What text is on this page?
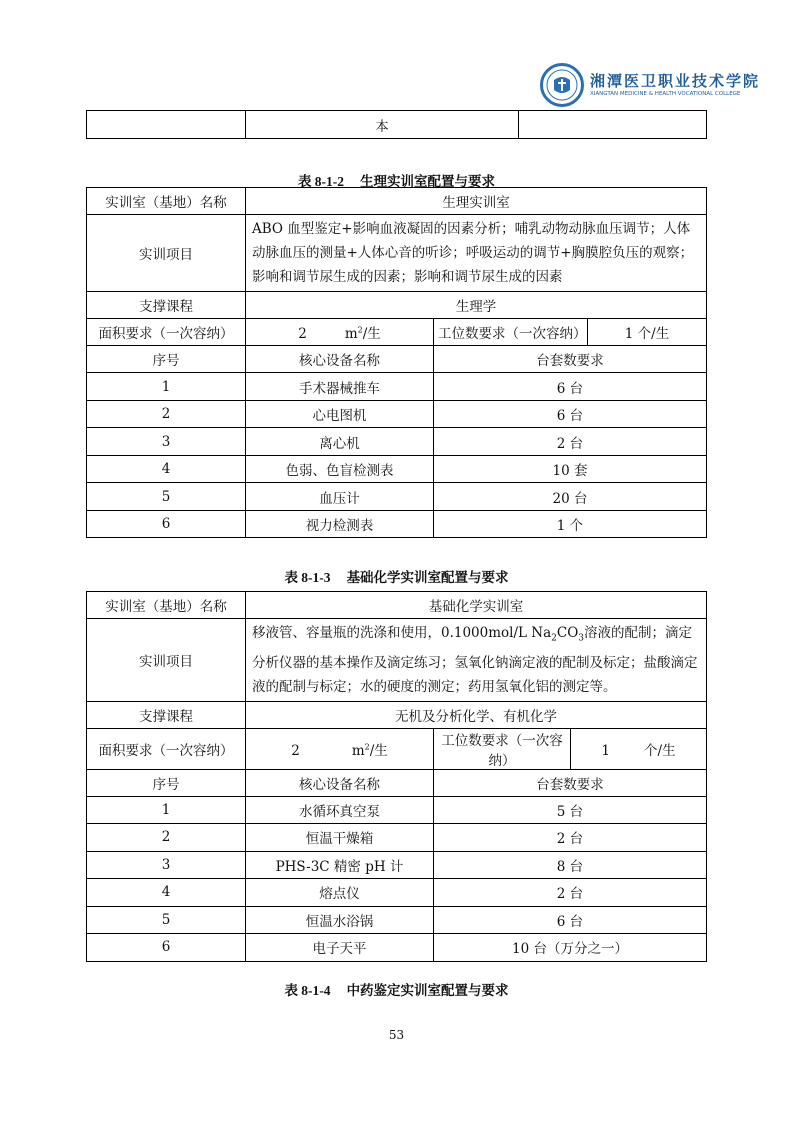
湘潭医卫职业技术学院
XIANGTAN MEDICINE & HEALTH VOCATIONAL COLLEGE
	本	
表 8-1-2 生理实训室配置与要求
实训室（基地）名称	生理实训室		
实训项目	ABO 血型鉴定+影响血液凝固的因素分析；哺乳动物动脉血压调节；人体动脉血压的测量+人体心音的听诊；呼吸运动的调节+胸膜腔负压的观察；影响和调节尿生成的因素；影响和调节尿生成的因素		
支撑课程	生理学		
面积要求（一次容纳）	2 $m^2/$生	工位数要求（一次容纳）	1 个/生
序号	核心设备名称	台套数要求	
1	手术器械推车	6 台	
2	心电图机	6 台	
3	离心机	2 台	
4	色弱、色盲检测表	10 套	
5	血压计	20 台	
6	视力检测表	1 个	
表 8-1-3 基础化学实训室配置与要求
实训室（基地）名称	基础化学实训室		
实训项目	移液管、容量瓶的洗涤和使用，0.1000mol/L $Na_2CO_3$溶液的配制；滴定分析仪器的基本操作及滴定练习；氢氧化钠滴定液的配制及标定；盐酸滴定液的配制与标定；水的硬度的测定；药用氢氧化铝的测定等。		
支撑课程	无机及分析化学、有机化学		
面积要求（一次容纳）	2 $m^2/$生	工位数要求（一次容纳）	1 个/生
序号	核心设备名称	台套数要求	
1	水循环真空泵	5 台	
2	恒温干燥箱	2 台	
3	PHS-3C 精密 pH 计	8 台	
4	熔点仪	2 台	
5	恒温水浴锅	6 台	
6	电子天平	10 台（万分之一）	
表 8-1-4 中药鉴定实训室配置与要求
53
